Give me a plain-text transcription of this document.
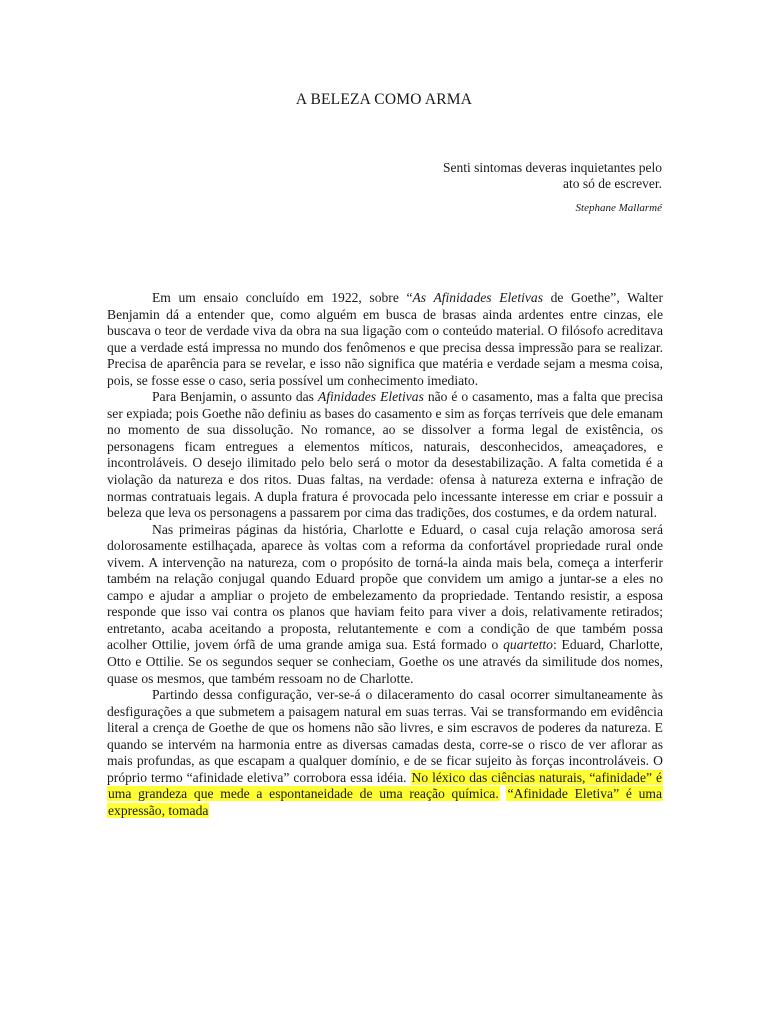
A BELEZA COMO ARMA
Senti sintomas deveras inquietantes pelo
ato só de escrever.
Stephane Mallarmé

Em um ensaio concluído em 1922, sobre “As Afinidades Eletivas de Goethe”, Walter Benjamin dá a entender que, como alguém em busca de brasas ainda ardentes entre cinzas, ele buscava o teor de verdade viva da obra na sua ligação com o conteúdo material. O filósofo acreditava que a verdade está impressa no mundo dos fenômenos e que precisa dessa impressão para se realizar. Precisa de aparência para se revelar, e isso não significa que matéria e verdade sejam a mesma coisa, pois, se fosse esse o caso, seria possível um conhecimento imediato.

Para Benjamin, o assunto das Afinidades Eletivas não é o casamento, mas a falta que precisa ser expiada; pois Goethe não definiu as bases do casamento e sim as forças terríveis que dele emanam no momento de sua dissolução. No romance, ao se dissolver a forma legal de existência, os personagens ficam entregues a elementos míticos, naturais, desconhecidos, ameaçadores, e incontroláveis. O desejo ilimitado pelo belo será o motor da desestabilização. A falta cometida é a violação da natureza e dos ritos. Duas faltas, na verdade: ofensa à natureza externa e infração de normas contratuais legais. A dupla fratura é provocada pelo incessante interesse em criar e possuir a beleza que leva os personagens a passarem por cima das tradições, dos costumes, e da ordem natural.

Nas primeiras páginas da história, Charlotte e Eduard, o casal cuja relação amorosa será dolorosamente estilhaçada, aparece às voltas com a reforma da confortável propriedade rural onde vivem. A intervenção na natureza, com o propósito de torná-la ainda mais bela, começa a interferir também na relação conjugal quando Eduard propõe que convidem um amigo a juntar-se a eles no campo e ajudar a ampliar o projeto de embelezamento da propriedade. Tentando resistir, a esposa responde que isso vai contra os planos que haviam feito para viver a dois, relativamente retirados; entretanto, acaba aceitando a proposta, relutantemente e com a condição de que também possa acolher Ottilie, jovem órfã de uma grande amiga sua. Está formado o quartetto: Eduard, Charlotte, Otto e Ottilie. Se os segundos sequer se conheciam, Goethe os une através da similitude dos nomes, quase os mesmos, que também ressoam no de Charlotte.

Partindo dessa configuração, ver-se-á o dilaceramento do casal ocorrer simultaneamente às desfigurações a que submetem a paisagem natural em suas terras. Vai se transformando em evidência literal a crença de Goethe de que os homens não são livres, e sim escravos de poderes da natureza. E quando se intervém na harmonia entre as diversas camadas desta, corre-se o risco de ver aflorar as mais profundas, as que escapam a qualquer domínio, e de se ficar sujeito às forças incontroláveis. O próprio termo “afinidade eletiva” corrobora essa idéia. No léxico das ciências naturais, “afinidade” é uma grandeza que mede a espontaneidade de uma reação química. “Afinidade Eletiva” é uma expressão, tomada
